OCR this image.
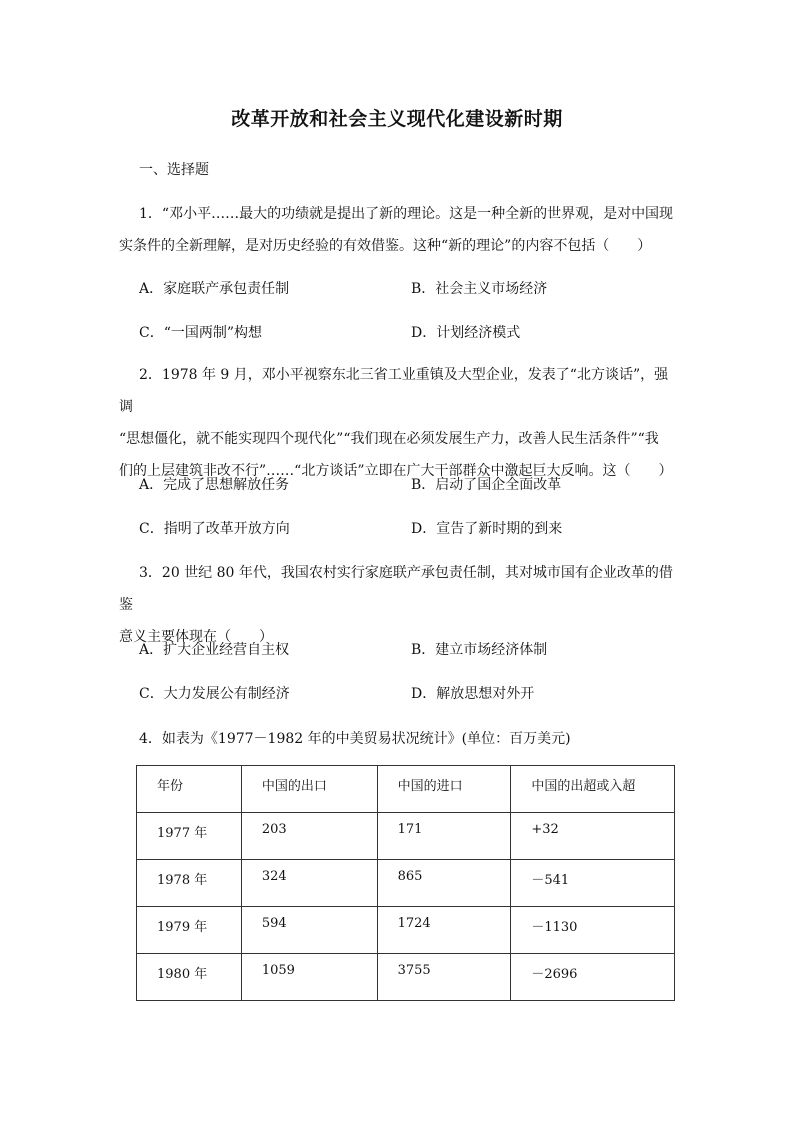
改革开放和社会主义现代化建设新时期
一、选择题
1．“邓小平……最大的功绩就是提出了新的理论。这是一种全新的世界观，是对中国现
实条件的全新理解，是对历史经验的有效借鉴。这种“新的理论”的内容不包括（　　）
A．家庭联产承包责任制	B．社会主义市场经济
C．“一国两制”构想	D．计划经济模式
2．1978 年 9 月，邓小平视察东北三省工业重镇及大型企业，发表了“北方谈话”，强调
“思想僵化，就不能实现四个现代化”“我们现在必须发展生产力，改善人民生活条件”“我
们的上层建筑非改不行”……“北方谈话”立即在广大干部群众中激起巨大反响。这（　　）
A．完成了思想解放任务	B．启动了国企全面改革
C．指明了改革开放方向	D．宣告了新时期的到来
3．20 世纪 80 年代，我国农村实行家庭联产承包责任制，其对城市国有企业改革的借鉴
意义主要体现在（　　）
A．扩大企业经营自主权	B．建立市场经济体制
C．大力发展公有制经济	D．解放思想对外开
4．如表为《1977－1982 年的中美贸易状况统计》(单位：百万美元)
年份	中国的出口	中国的进口	中国的出超或入超
1977 年	203	171	+32
1978 年	324	865	－541
1979 年	594	1724	－1130
1980 年	1059	3755	－2696
